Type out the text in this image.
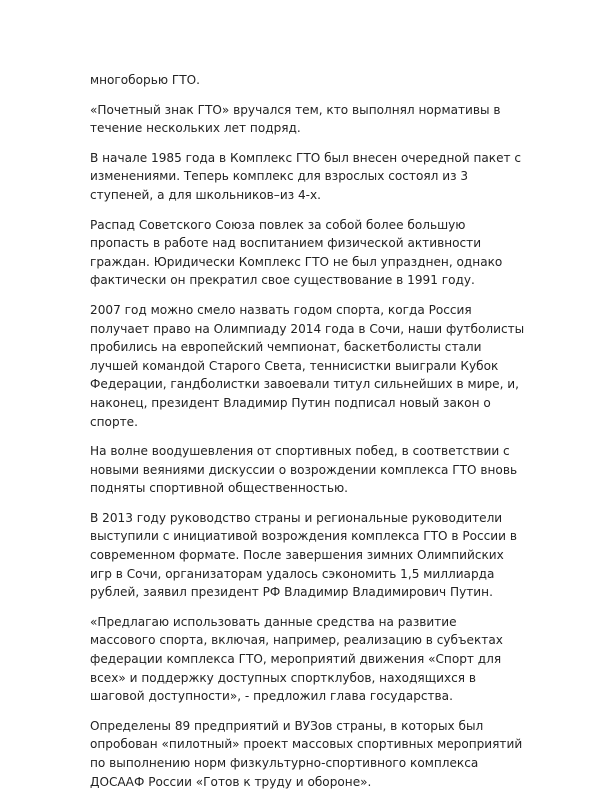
многоборью ГТО.
«Почетный знак ГТО» вручался тем, кто выполнял нормативы в
течение нескольких лет подряд.
В начале 1985 года в Комплекс ГТО был внесен очередной пакет с
изменениями. Теперь комплекс для взрослых состоял из 3
ступеней, а для школьников–из 4-х.
Распад Советского Союза повлек за собой более большую
пропасть в работе над воспитанием физической активности
граждан. Юридически Комплекс ГТО не был упразднен, однако
фактически он прекратил свое существование в 1991 году.
2007 год можно смело назвать годом спорта, когда Россия
получает право на Олимпиаду 2014 года в Сочи, наши футболисты
пробились на европейский чемпионат, баскетболисты стали
лучшей командой Старого Света, теннисистки выиграли Кубок
Федерации, гандболистки завоевали титул сильнейших в мире, и,
наконец, президент Владимир Путин подписал новый закон о
спорте.
На волне воодушевления от спортивных побед, в соответствии с
новыми веяниями дискуссии о возрождении комплекса ГТО вновь
подняты спортивной общественностью.
В 2013 году руководство страны и региональные руководители
выступили с инициативой возрождения комплекса ГТО в России в
современном формате. После завершения зимних Олимпийских
игр в Сочи, организаторам удалось сэкономить 1,5 миллиарда
рублей, заявил президент РФ Владимир Владимирович Путин.
«Предлагаю использовать данные средства на развитие
массового спорта, включая, например, реализацию в субъектах
федерации комплекса ГТО, мероприятий движения «Спорт для
всех» и поддержку доступных спортклубов, находящихся в
шаговой доступности», - предложил глава государства.
Определены 89 предприятий и ВУЗов страны, в которых был
опробован «пилотный» проект массовых спортивных мероприятий
по выполнению норм физкультурно-спортивного комплекса
ДОСААФ России «Готов к труду и обороне».
